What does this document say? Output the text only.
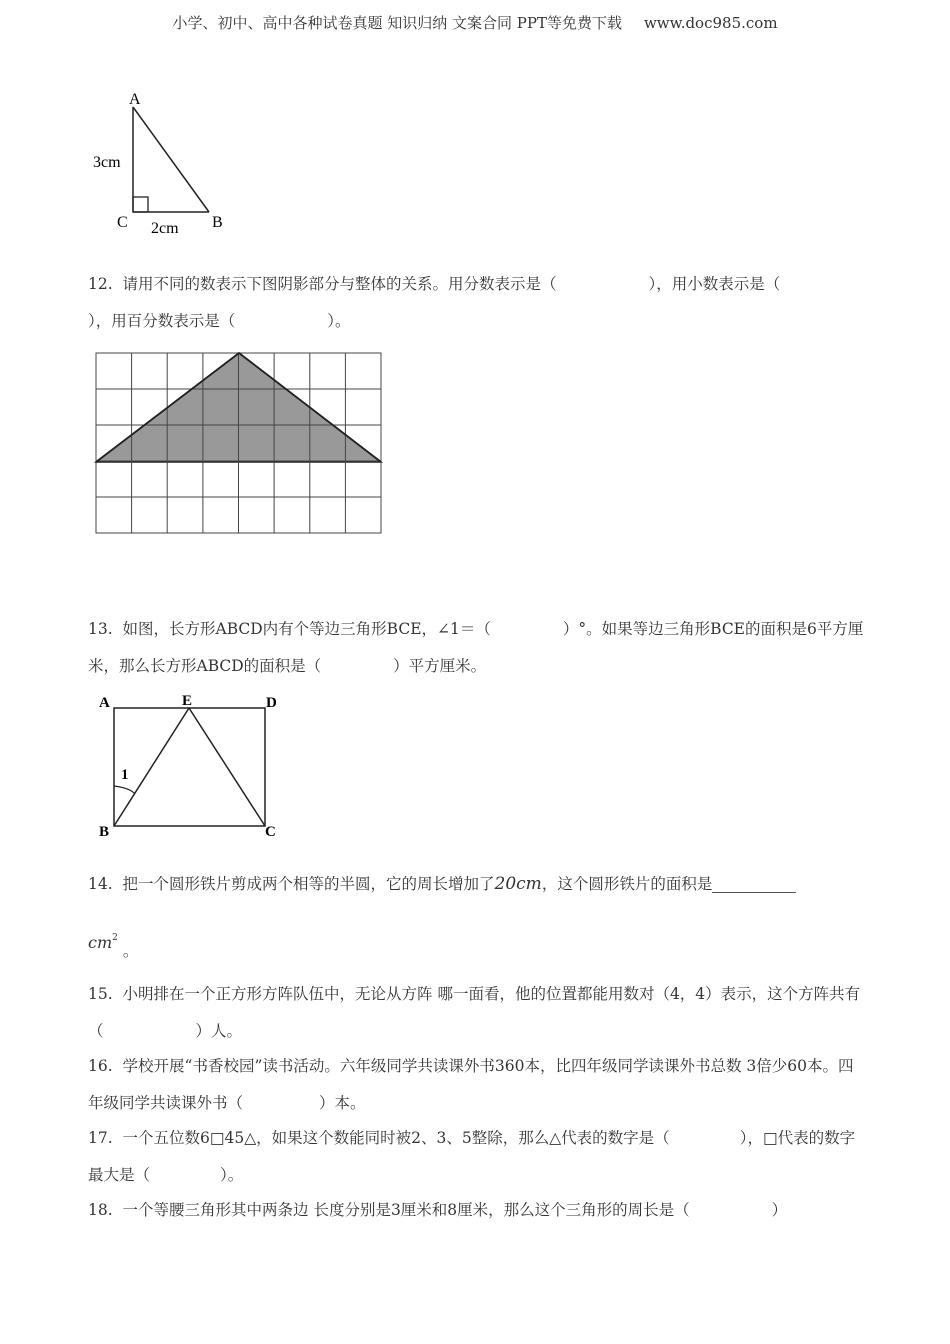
小学、初中、高中各种试卷真题 知识归纳 文案合同 PPT等免费下载 www.doc985.com
A
C	B
3cm
2cm
12. 请用不同的数表示下图阴影部分与整体的关系。用分数表示是（	），用小数表示是（
），用百分数表示是（	）。
13. 如图，长方形ABCD内有个等边三角形BCE，∠1＝（	）°。如果等边三角形BCE的面积是6平方厘米，那么长方形ABCD的面积是（	）平方厘米。
A	E	D
B	C
1
14. 把一个圆形铁片剪成两个相等的半圆，它的周长增加了20cm，这个圆形铁片的面积是
$cm^2$ 。
15. 小明排在一个正方形方阵队伍中，无论从方阵 哪一面看，他的位置都能用数对（4，4）表示，这个方阵共有（	）人。
16. 学校开展“书香校园”读书活动。六年级同学共读课外书360本，比四年级同学读课外书总数 3倍少60本。四年级同学共读课外书（	）本。
17. 一个五位数6□45△，如果这个数能同时被2、3、5整除，那么△代表的数字是（	），□代表的数字最大是（	）。
18. 一个等腰三角形其中两条边 长度分别是3厘米和8厘米，那么这个三角形的周长是（	）
